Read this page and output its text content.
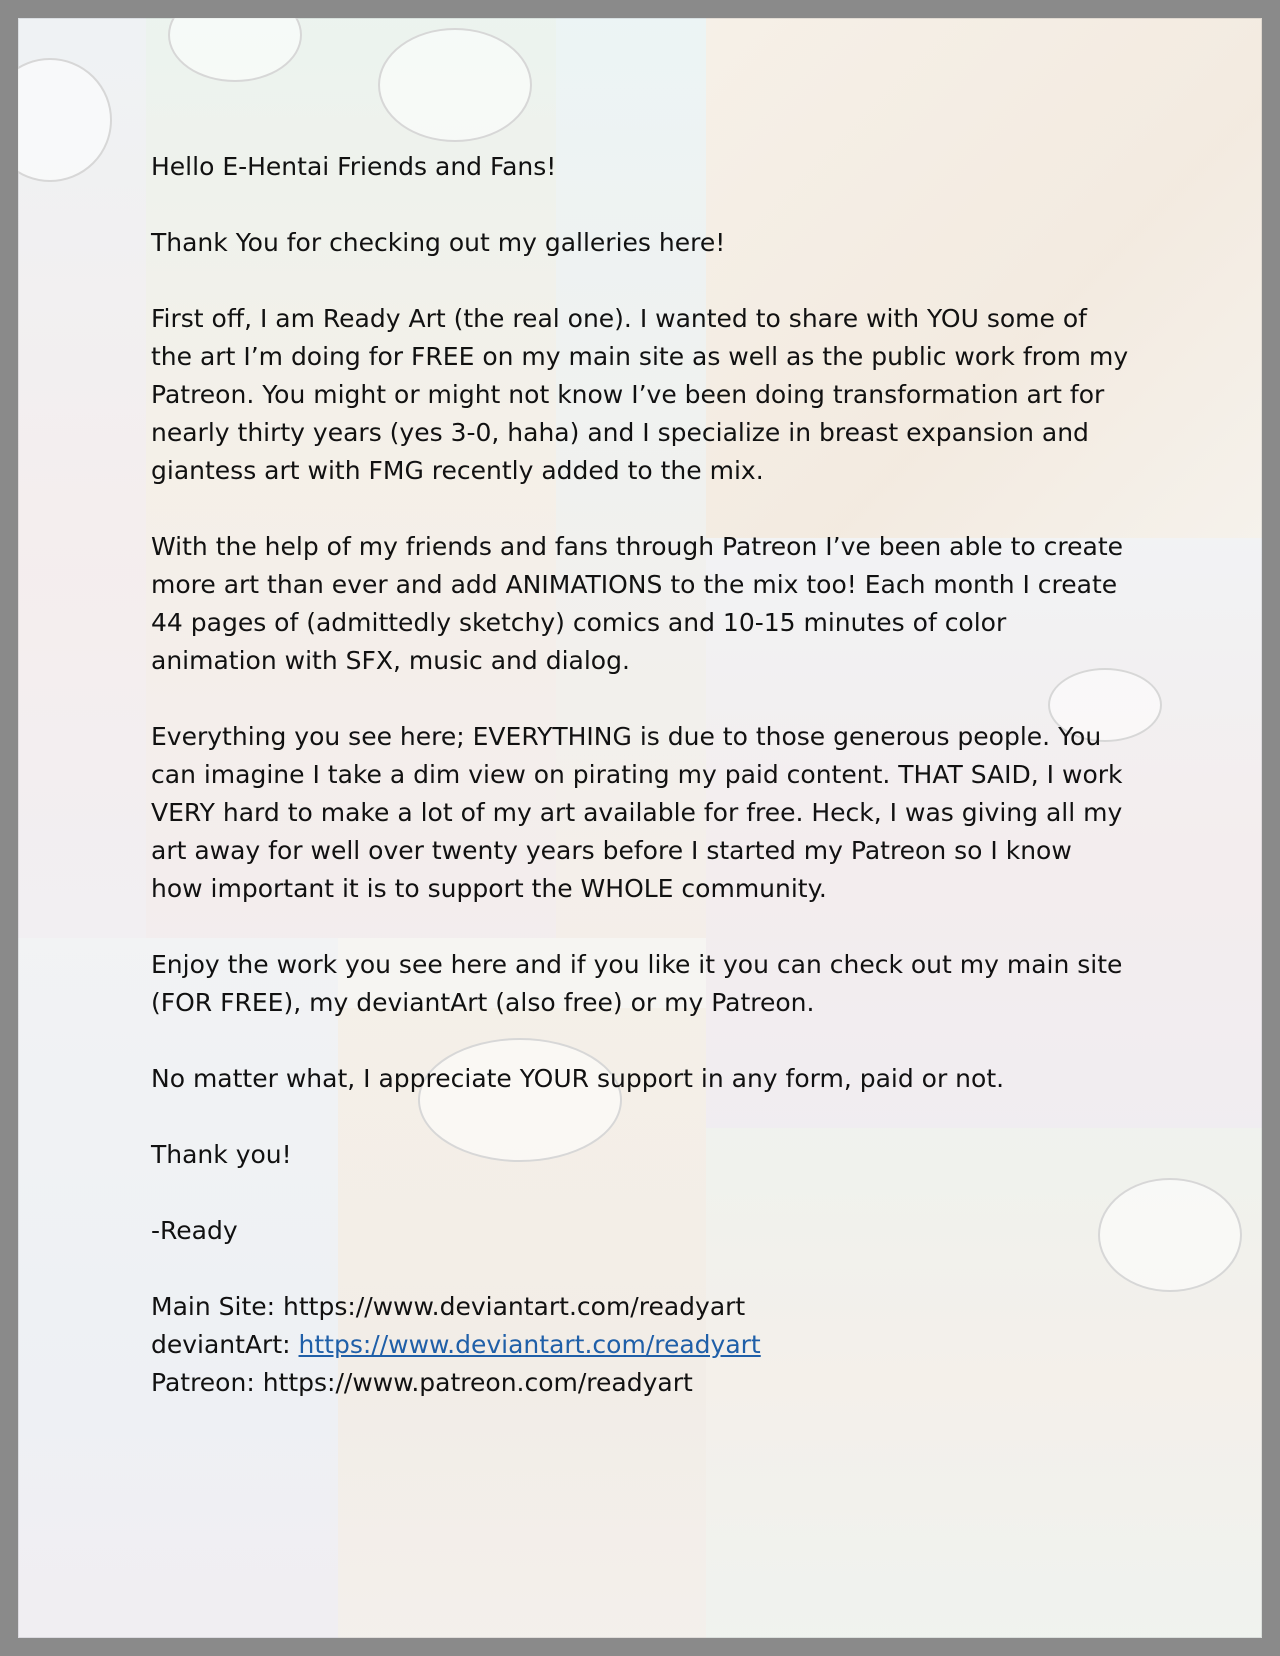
Hello E-Hentai Friends and Fans!

Thank You for checking out my galleries here!

First off, I am Ready Art (the real one). I wanted to share with YOU some of the art I’m doing for FREE on my main site as well as the public work from my Patreon. You might or might not know I’ve been doing transformation art for nearly thirty years (yes 3-0, haha) and I specialize in breast expansion and giantess art with FMG recently added to the mix.

With the help of my friends and fans through Patreon I’ve been able to create more art than ever and add ANIMATIONS to the mix too! Each month I create 44 pages of (admittedly sketchy) comics and 10-15 minutes of color animation with SFX, music and dialog.

Everything you see here; EVERYTHING is due to those generous people. You can imagine I take a dim view on pirating my paid content. THAT SAID, I work VERY hard to make a lot of my art available for free. Heck, I was giving all my art away for well over twenty years before I started my Patreon so I know how important it is to support the WHOLE community.

Enjoy the work you see here and if you like it you can check out my main site (FOR FREE), my deviantArt (also free) or my Patreon.

No matter what, I appreciate YOUR support in any form, paid or not.

Thank you!

-Ready

Main Site: https://www.deviantart.com/readyart

deviantArt: https://www.deviantart.com/readyart

Patreon: https://www.patreon.com/readyart
